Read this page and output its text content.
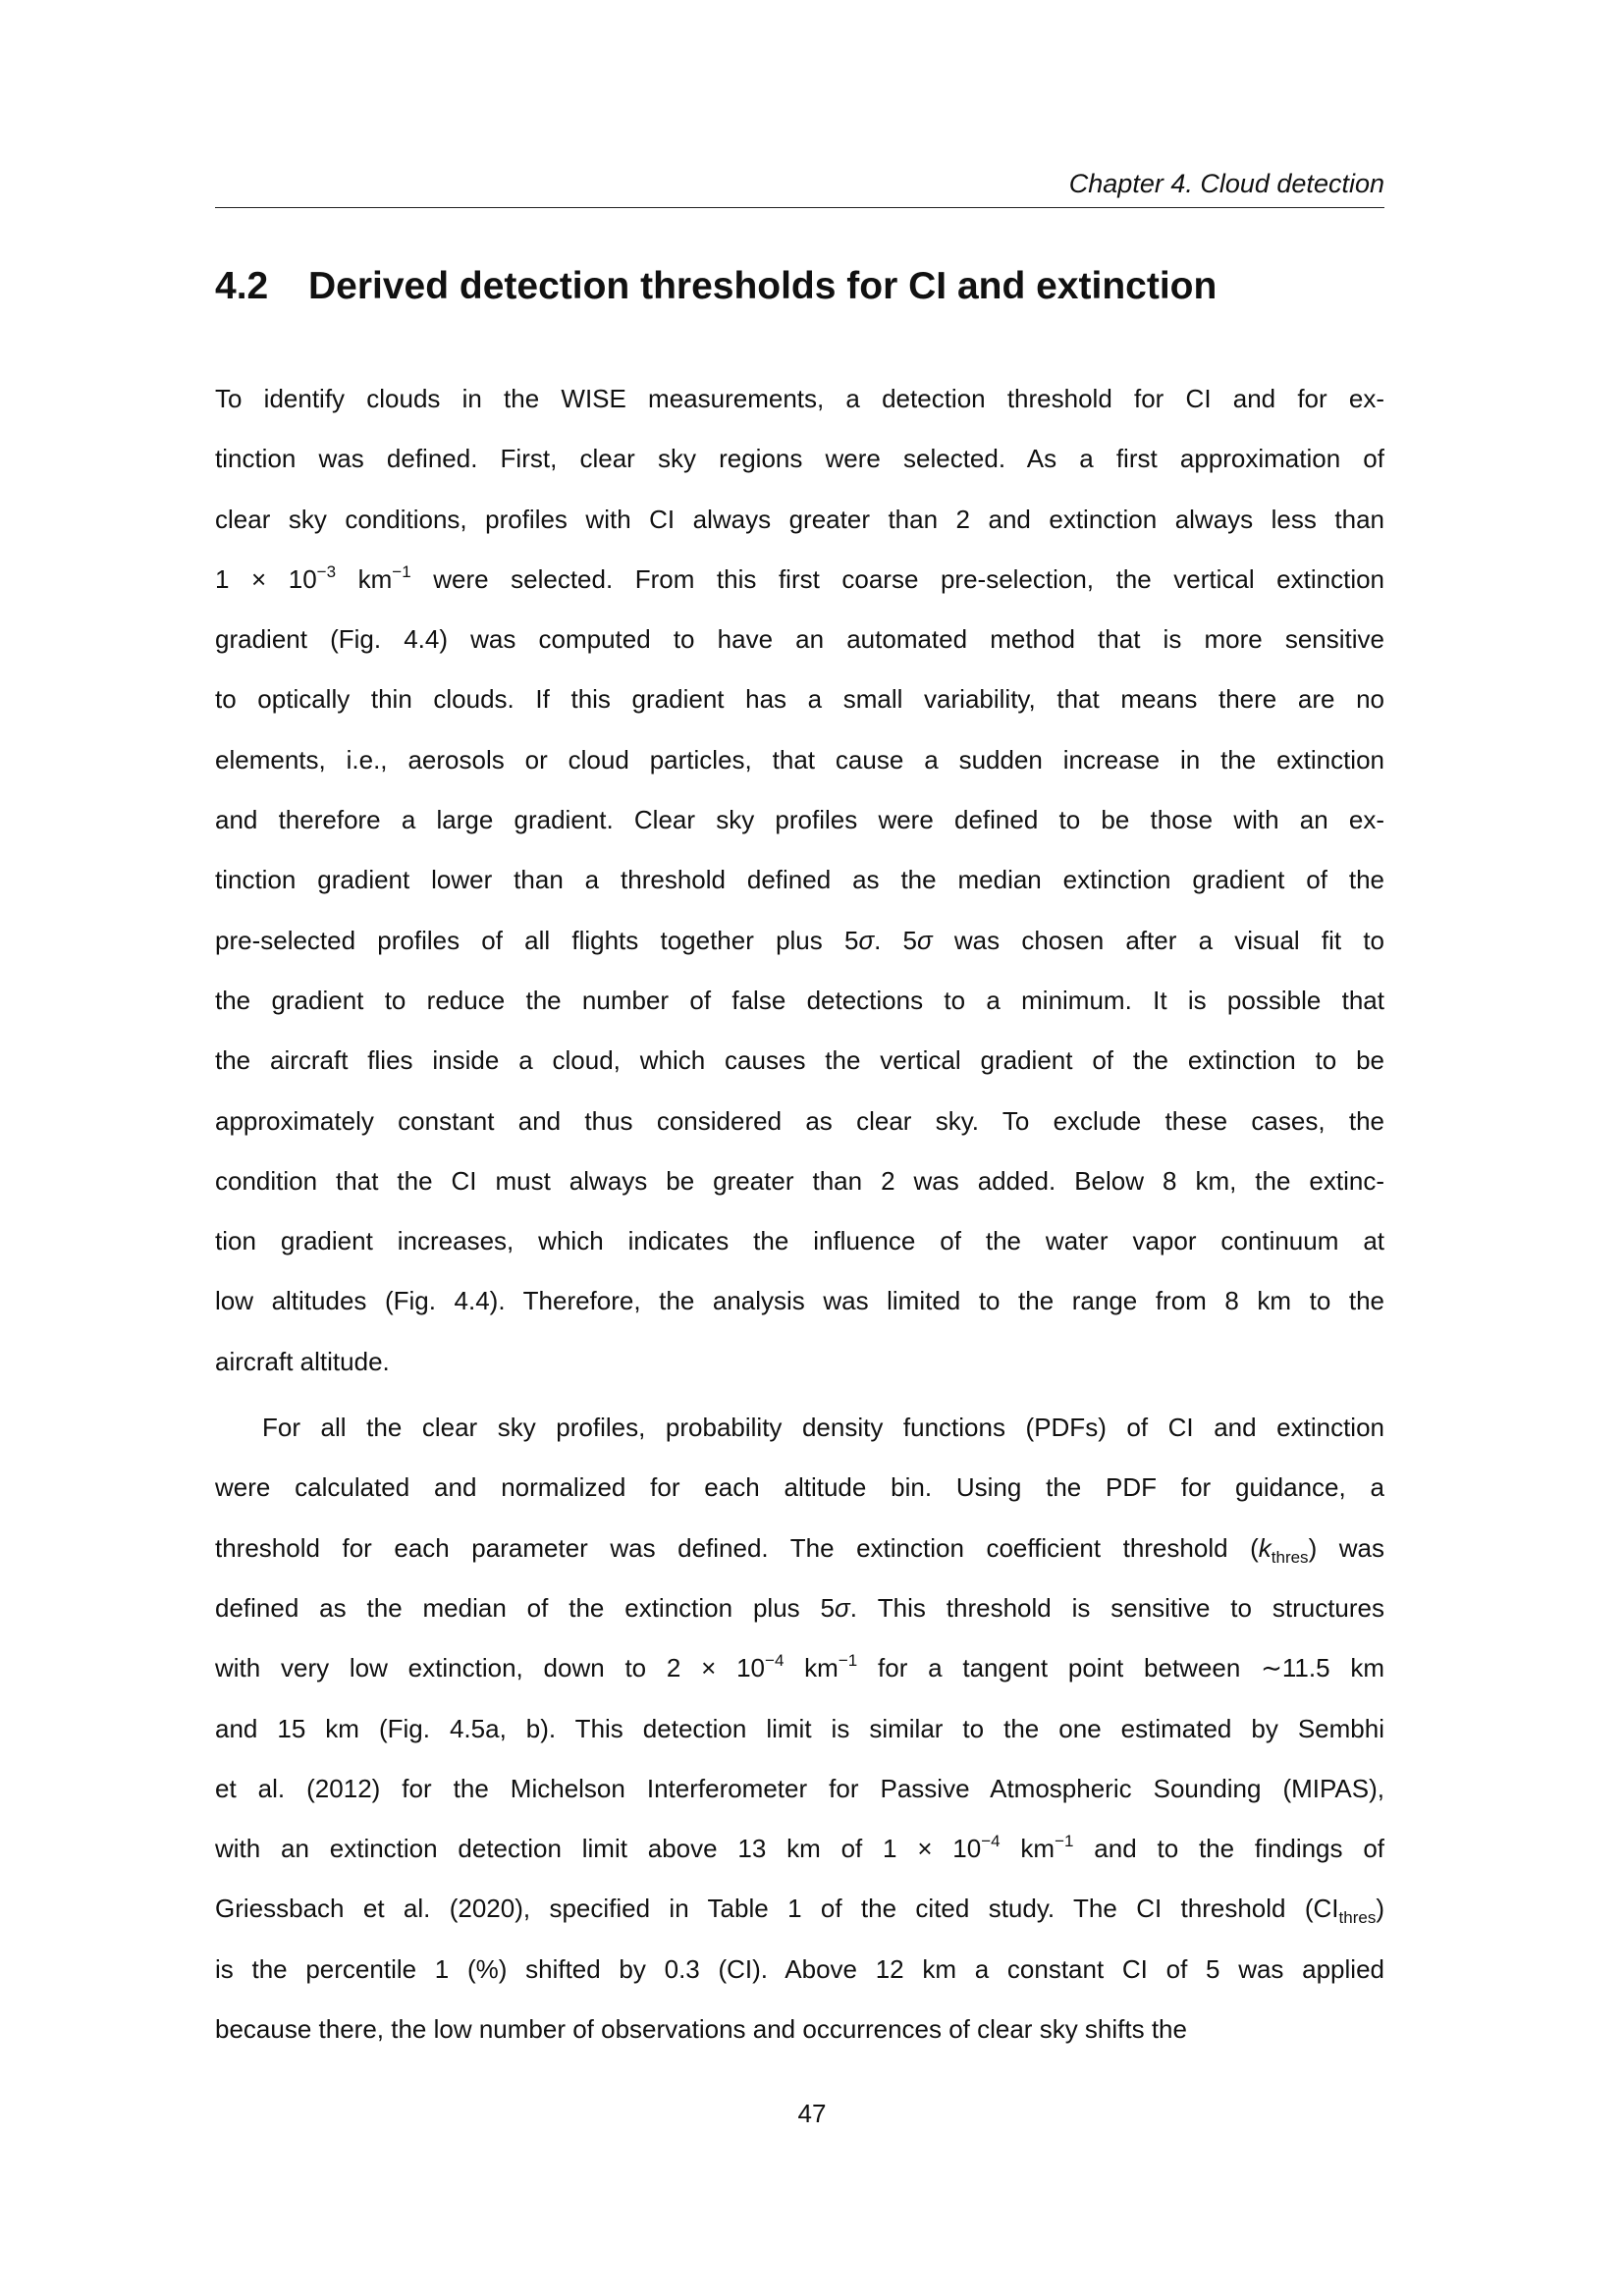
Chapter 4. Cloud detection
4.2 Derived detection thresholds for CI and extinction
To identify clouds in the WISE measurements, a detection threshold for CI and for ex-
tinction was defined. First, clear sky regions were selected. As a first approximation of
clear sky conditions, profiles with CI always greater than 2 and extinction always less than
$1 \times 10^{-3}$ $km^{-1}$ were selected. From this first coarse pre-selection, the vertical extinction
gradient (Fig. 4.4) was computed to have an automated method that is more sensitive
to optically thin clouds. If this gradient has a small variability, that means there are no
elements, i.e., aerosols or cloud particles, that cause a sudden increase in the extinction
and therefore a large gradient. Clear sky profiles were defined to be those with an ex-
tinction gradient lower than a threshold defined as the median extinction gradient of the
pre-selected profiles of all flights together plus 5σ. 5σ was chosen after a visual fit to
the gradient to reduce the number of false detections to a minimum. It is possible that
the aircraft flies inside a cloud, which causes the vertical gradient of the extinction to be
approximately constant and thus considered as clear sky. To exclude these cases, the
condition that the CI must always be greater than 2 was added. Below 8 km, the extinc-
tion gradient increases, which indicates the influence of the water vapor continuum at
low altitudes (Fig. 4.4). Therefore, the analysis was limited to the range from 8 km to the
aircraft altitude.
For all the clear sky profiles, probability density functions (PDFs) of CI and extinction
were calculated and normalized for each altitude bin. Using the PDF for guidance, a
threshold for each parameter was defined. The extinction coefficient threshold $(k_{thres})$ was
defined as the median of the extinction plus 5σ. This threshold is sensitive to structures
with very low extinction, down to $2 \times 10^{-4}$ $km^{-1}$ for a tangent point between ∼11.5 km
and 15 km (Fig. 4.5a, b). This detection limit is similar to the one estimated by Sembhi
et al. (2012) for the Michelson Interferometer for Passive Atmospheric Sounding (MIPAS),
with an extinction detection limit above 13 km of $1 \times 10^{-4}$ $km^{-1}$ and to the findings of
Griessbach et al. (2020), specified in Table 1 of the cited study. The CI threshold $(CI_{thres})$
is the percentile 1 (%) shifted by 0.3 (CI). Above 12 km a constant CI of 5 was applied
because there, the low number of observations and occurrences of clear sky shifts the
47
